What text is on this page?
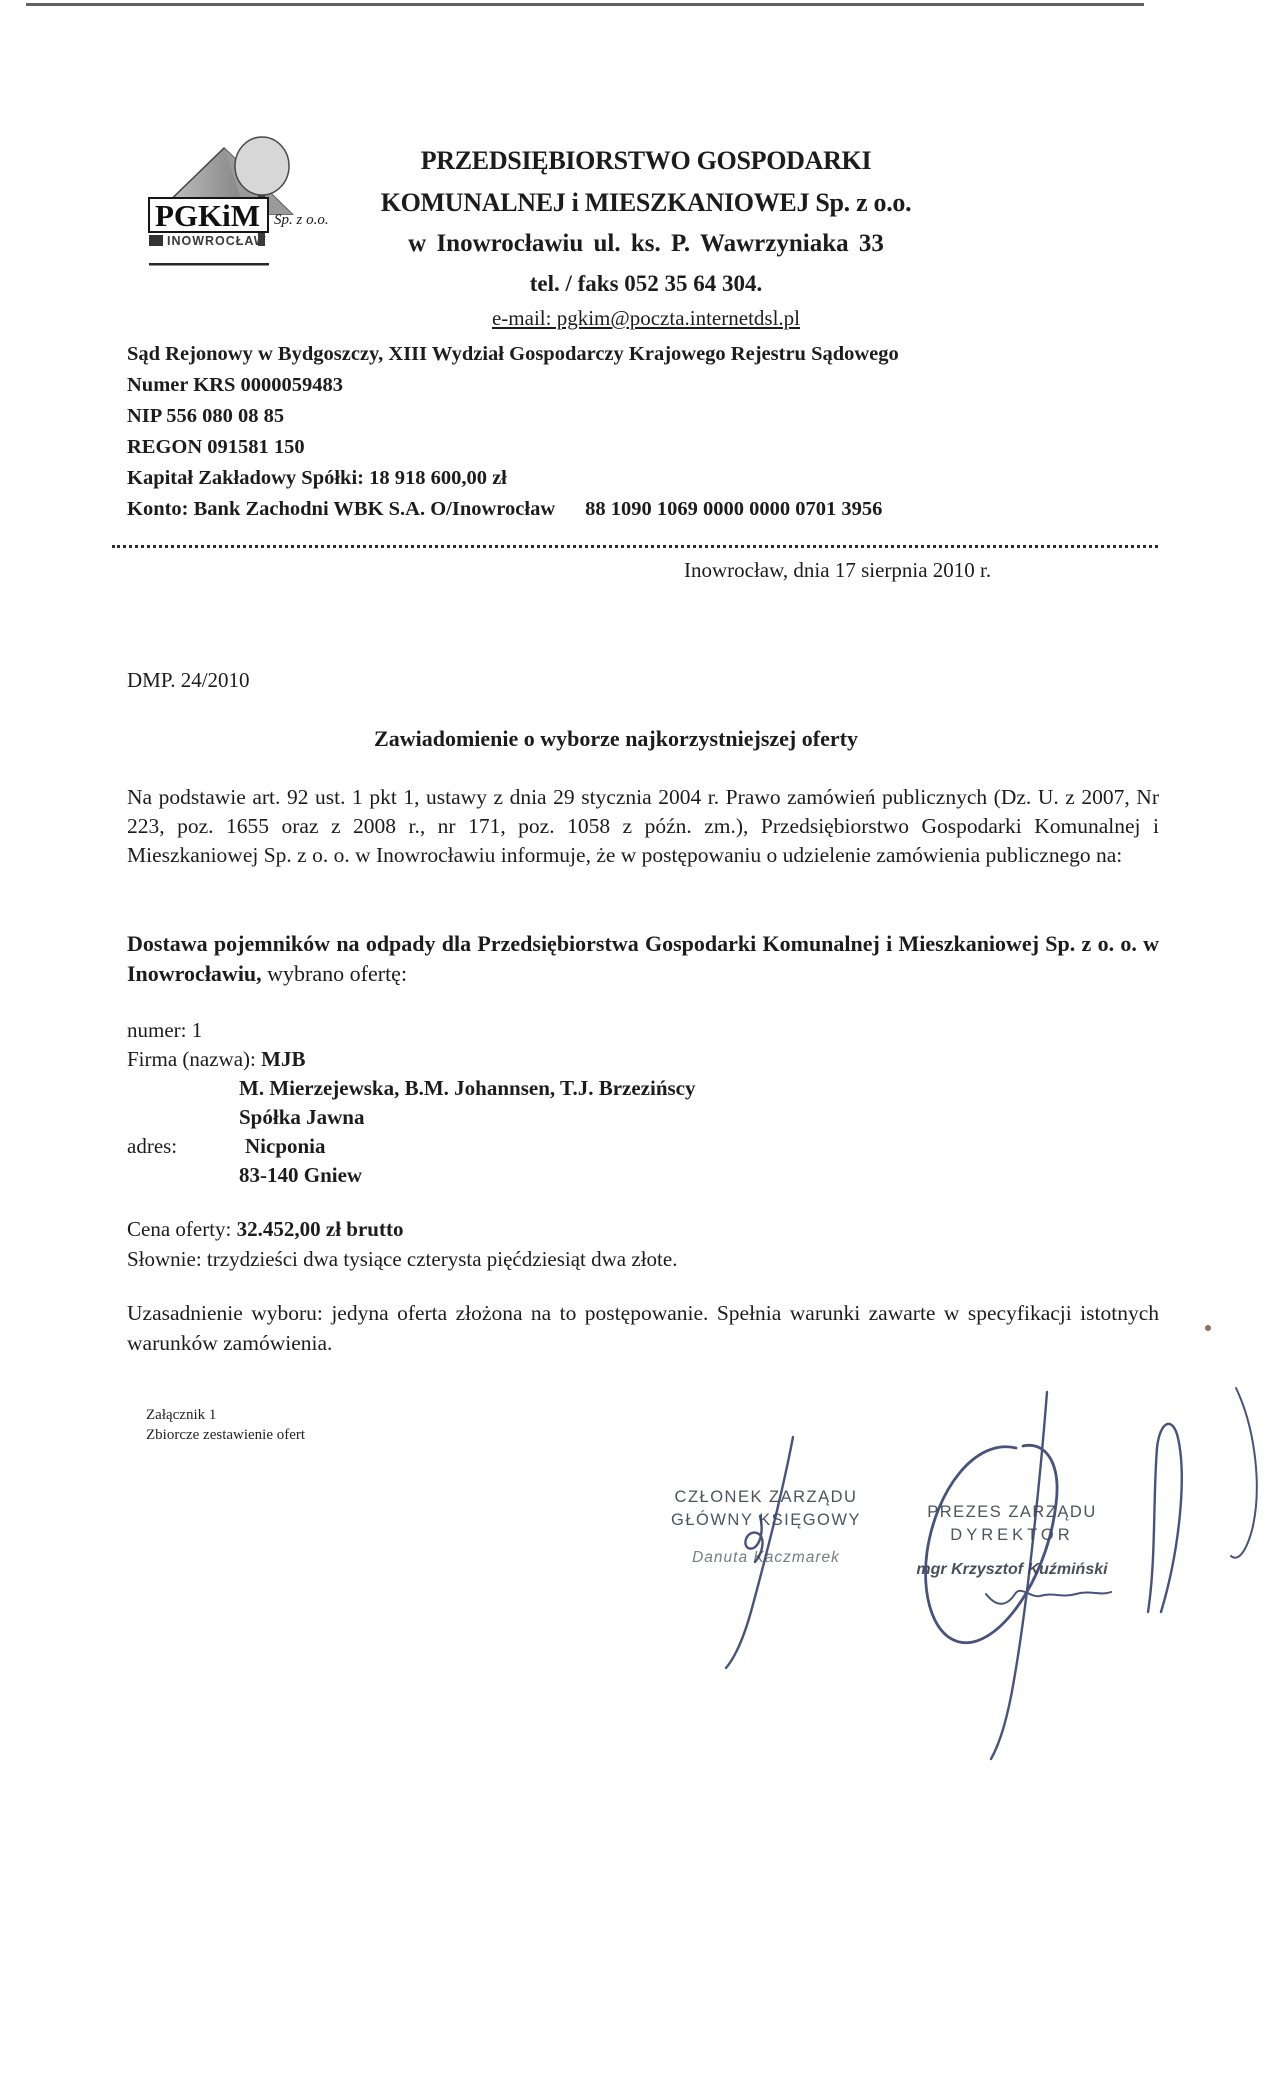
PGKiM Sp. z o.o.
INOWROCŁAW
PRZEDSIĘBIORSTWO GOSPODARKI
KOMUNALNEJ i MIESZKANIOWEJ Sp. z o.o.
w Inowrocławiu ul. ks. P. Wawrzyniaka 33
tel. / faks 052 35 64 304.
e-mail: pgkim@poczta.internetdsl.pl
Sąd Rejonowy w Bydgoszczy, XIII Wydział Gospodarczy Krajowego Rejestru Sądowego
Numer KRS 0000059483
NIP 556 080 08 85
REGON 091581 150
Kapitał Zakładowy Spółki: 18 918 600,00 zł
Konto: Bank Zachodni WBK S.A. O/Inowrocław 88 1090 1069 0000 0000 0701 3956
Inowrocław, dnia 17 sierpnia 2010 r.
DMP. 24/2010
Zawiadomienie o wyborze najkorzystniejszej oferty
Na podstawie art. 92 ust. 1 pkt 1, ustawy z dnia 29 stycznia 2004 r. Prawo zamówień publicznych (Dz. U. z 2007, Nr 223, poz. 1655 oraz z 2008 r., nr 171, poz. 1058 z późn. zm.), Przedsiębiorstwo Gospodarki Komunalnej i Mieszkaniowej Sp. z o. o. w Inowrocławiu informuje, że w postępowaniu o udzielenie zamówienia publicznego na:
Dostawa pojemników na odpady dla Przedsiębiorstwa Gospodarki Komunalnej i Mieszkaniowej Sp. z o. o. w Inowrocławiu, wybrano ofertę:
numer: 1
Firma (nazwa): MJB
M. Mierzejewska, B.M. Johannsen, T.J. Brzezińscy
Spółka Jawna
adres:	Nicponia
83-140 Gniew
Cena oferty: 32.452,00 zł brutto
Słownie: trzydzieści dwa tysiące czterysta pięćdziesiąt dwa złote.
Uzasadnienie wyboru: jedyna oferta złożona na to postępowanie. Spełnia warunki zawarte w specyfikacji istotnych warunków zamówienia.
Załącznik 1
Zbiorcze zestawienie ofert
CZŁONEK ZARZĄDU
GŁÓWNY KSIĘGOWY
Danuta Kaczmarek
PREZES ZARZĄDU
DYREKTOR
mgr Krzysztof Kuźmiński
